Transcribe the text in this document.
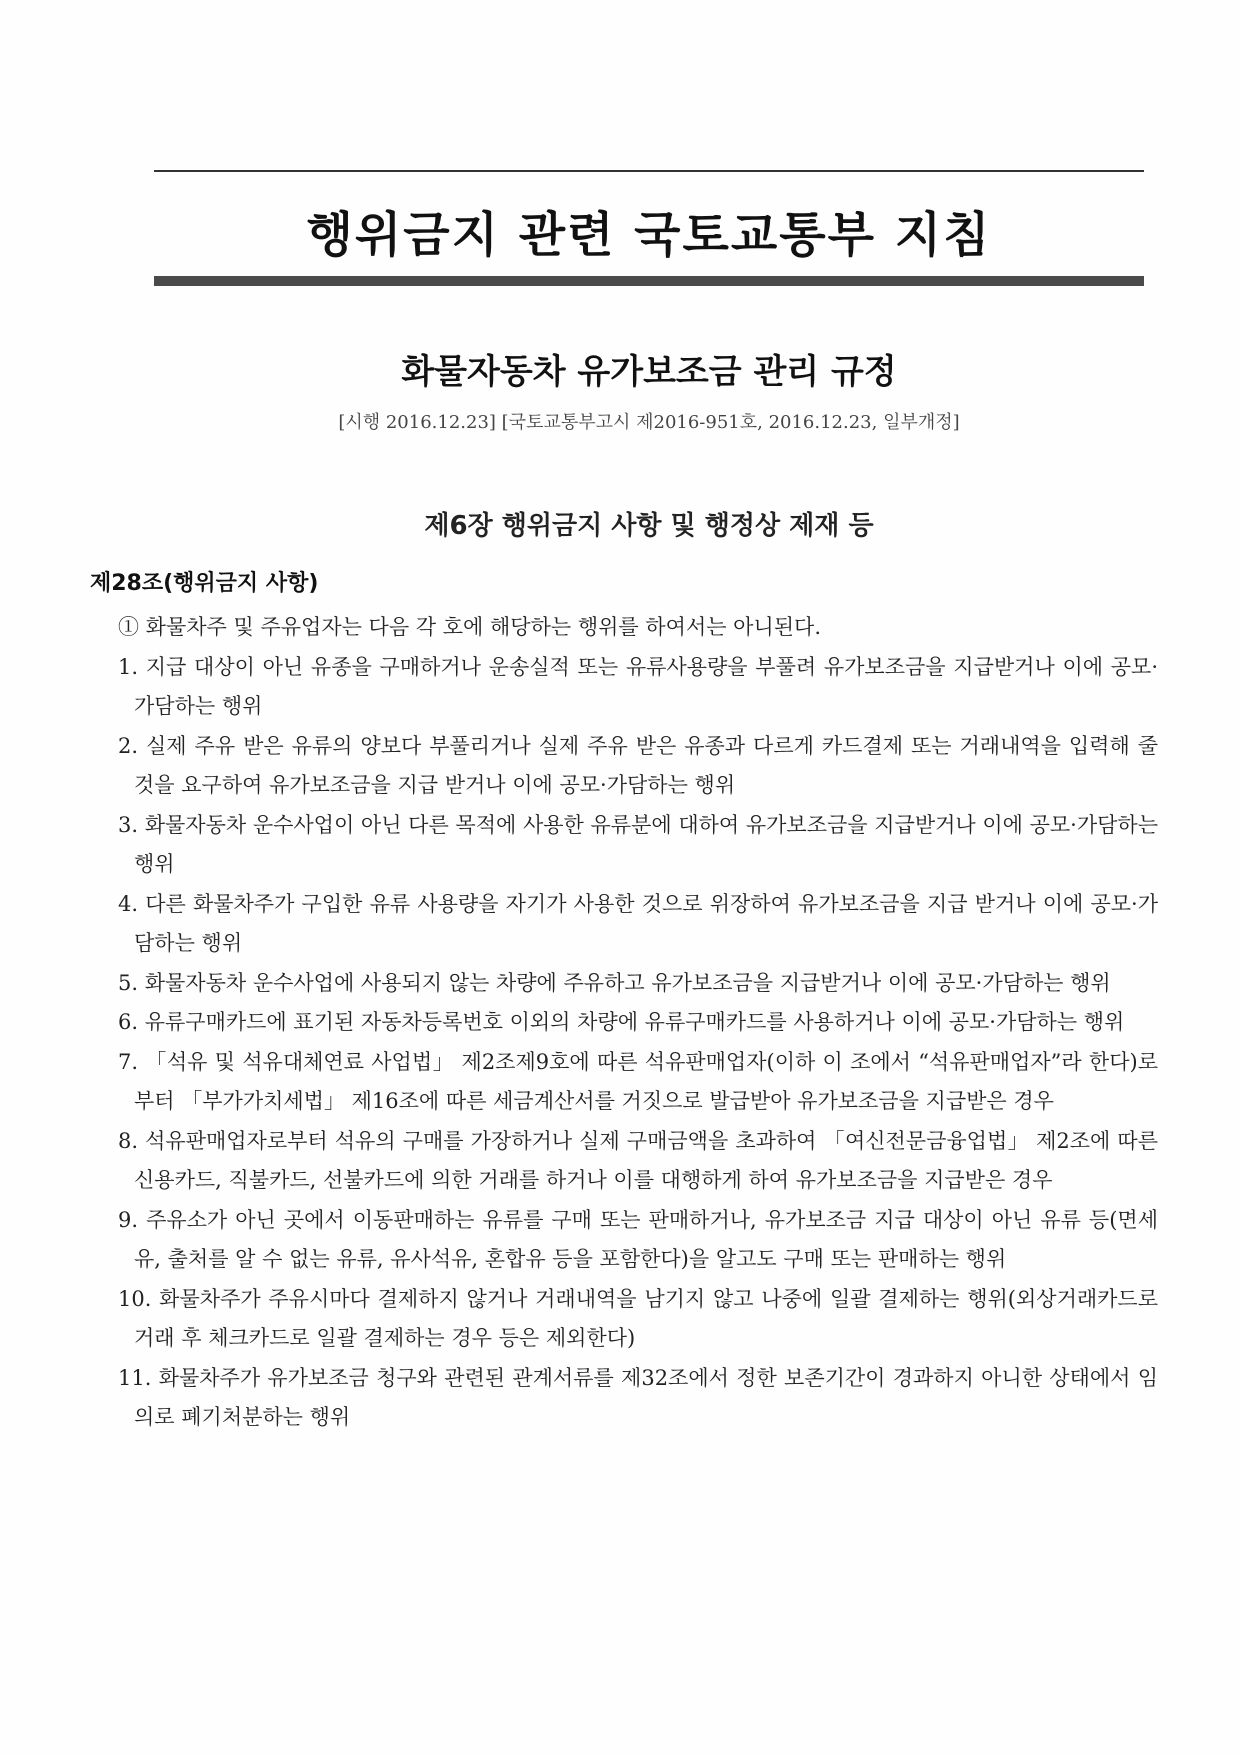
행위금지 관련 국토교통부 지침
화물자동차 유가보조금 관리 규정
[시행 2016.12.23] [국토교통부고시 제2016-951호, 2016.12.23, 일부개정]
제6장 행위금지 사항 및 행정상 제재 등
제28조(행위금지 사항)
① 화물차주 및 주유업자는 다음 각 호에 해당하는 행위를 하여서는 아니된다.
1. 지급 대상이 아닌 유종을 구매하거나 운송실적 또는 유류사용량을 부풀려 유가보조금을 지급받거나 이에 공모·가담하는 행위
2. 실제 주유 받은 유류의 양보다 부풀리거나 실제 주유 받은 유종과 다르게 카드결제 또는 거래내역을 입력해 줄 것을 요구하여 유가보조금을 지급 받거나 이에 공모·가담하는 행위
3. 화물자동차 운수사업이 아닌 다른 목적에 사용한 유류분에 대하여 유가보조금을 지급받거나 이에 공모·가담하는 행위
4. 다른 화물차주가 구입한 유류 사용량을 자기가 사용한 것으로 위장하여 유가보조금을 지급 받거나 이에 공모·가담하는 행위
5. 화물자동차 운수사업에 사용되지 않는 차량에 주유하고 유가보조금을 지급받거나 이에 공모·가담하는 행위
6. 유류구매카드에 표기된 자동차등록번호 이외의 차량에 유류구매카드를 사용하거나 이에 공모·가담하는 행위
7. 「석유 및 석유대체연료 사업법」 제2조제9호에 따른 석유판매업자(이하 이 조에서 “석유판매업자”라 한다)로부터 「부가가치세법」 제16조에 따른 세금계산서를 거짓으로 발급받아 유가보조금을 지급받은 경우
8. 석유판매업자로부터 석유의 구매를 가장하거나 실제 구매금액을 초과하여 「여신전문금융업법」 제2조에 따른 신용카드, 직불카드, 선불카드에 의한 거래를 하거나 이를 대행하게 하여 유가보조금을 지급받은 경우
9. 주유소가 아닌 곳에서 이동판매하는 유류를 구매 또는 판매하거나, 유가보조금 지급 대상이 아닌 유류 등(면세유, 출처를 알 수 없는 유류, 유사석유, 혼합유 등을 포함한다)을 알고도 구매 또는 판매하는 행위
10. 화물차주가 주유시마다 결제하지 않거나 거래내역을 남기지 않고 나중에 일괄 결제하는 행위(외상거래카드로 거래 후 체크카드로 일괄 결제하는 경우 등은 제외한다)
11. 화물차주가 유가보조금 청구와 관련된 관계서류를 제32조에서 정한 보존기간이 경과하지 아니한 상태에서 임의로 폐기처분하는 행위
